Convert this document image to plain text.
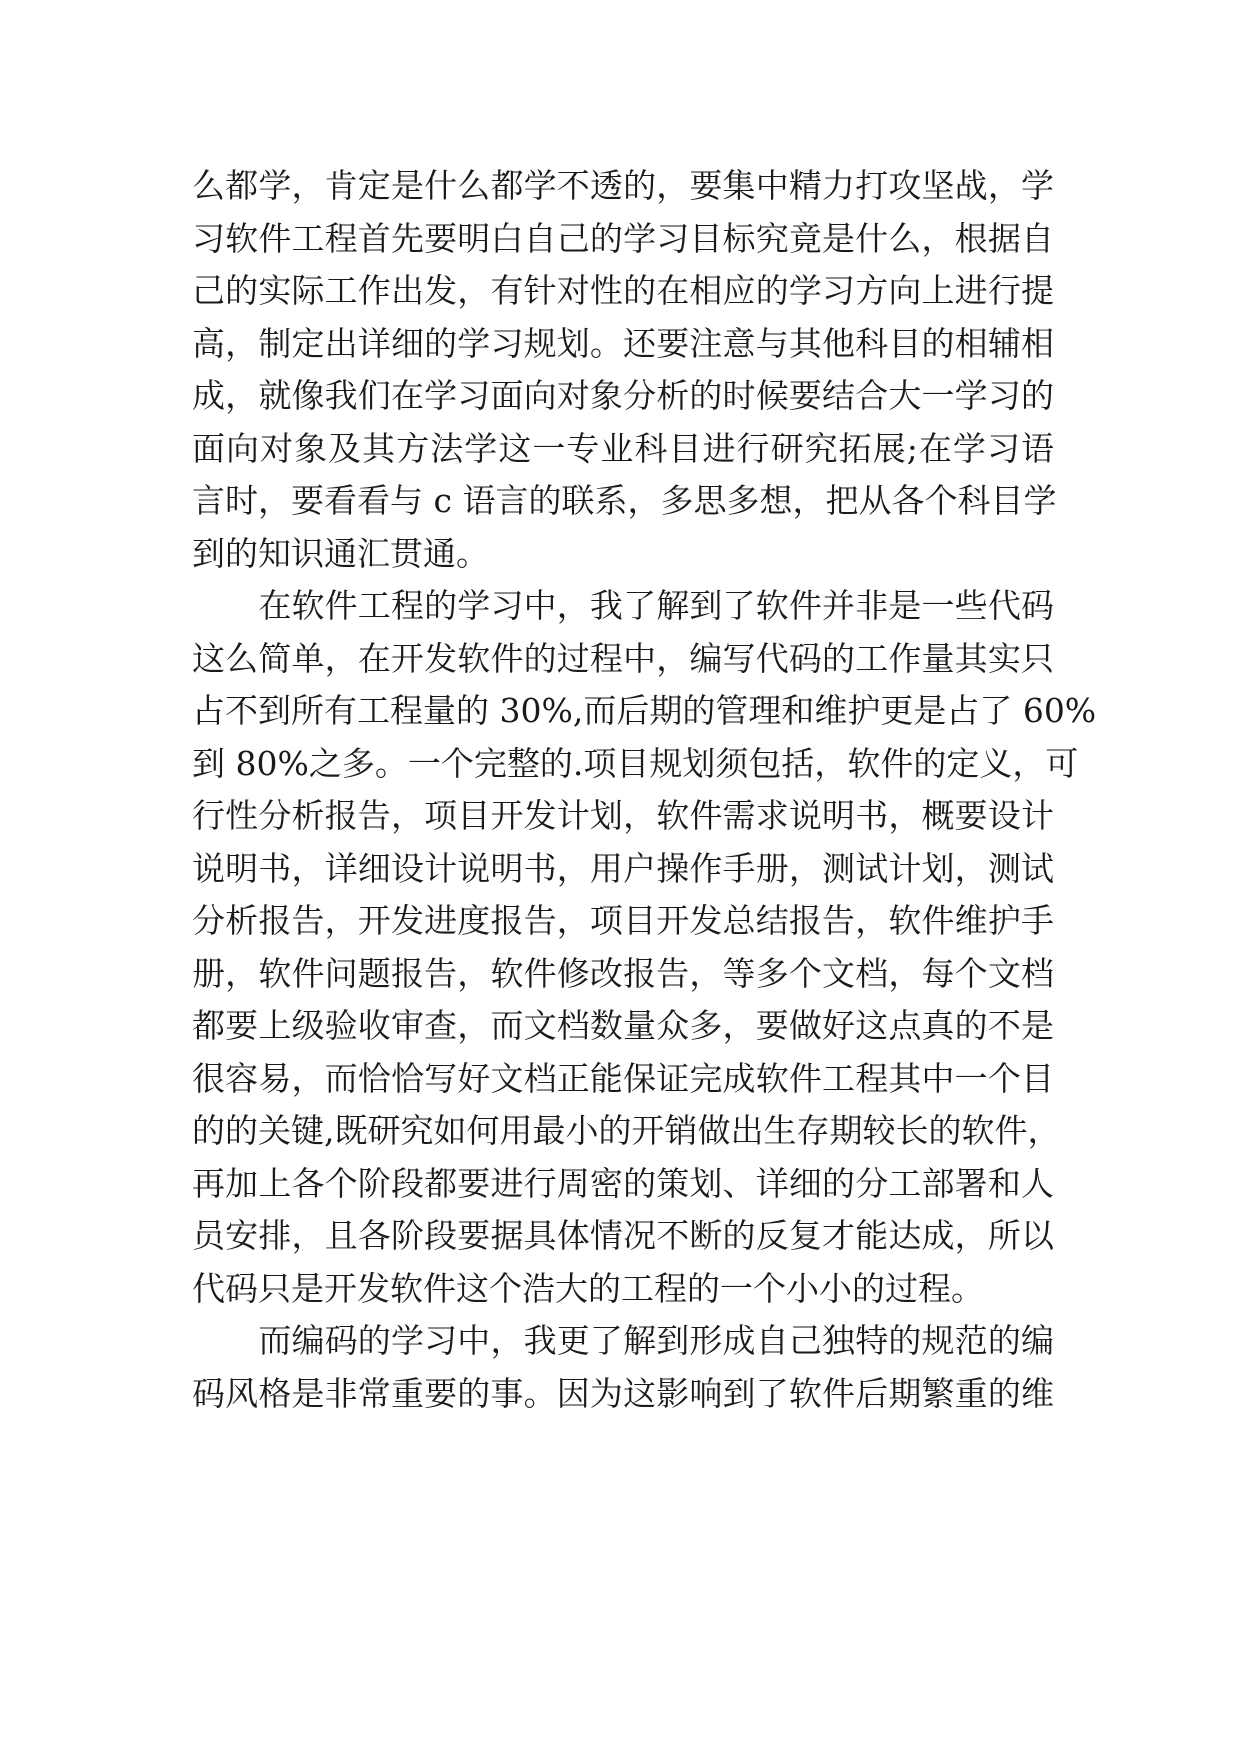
么都学，肯定是什么都学不透的，要集中精力打攻坚战，学
习软件工程首先要明白自己的学习目标究竟是什么，根据自
己的实际工作出发，有针对性的在相应的学习方向上进行提
高，制定出详细的学习规划。还要注意与其他科目的相辅相
成，就像我们在学习面向对象分析的时候要结合大一学习的
面向对象及其方法学这一专业科目进行研究拓展;在学习语
言时，要看看与 c 语言的联系，多思多想，把从各个科目学
到的知识通汇贯通。
　　在软件工程的学习中，我了解到了软件并非是一些代码
这么简单，在开发软件的过程中，编写代码的工作量其实只
占不到所有工程量的 30%,而后期的管理和维护更是占了 60%
到 80%之多。一个完整的.项目规划须包括，软件的定义，可
行性分析报告，项目开发计划，软件需求说明书，概要设计
说明书，详细设计说明书，用户操作手册，测试计划，测试
分析报告，开发进度报告，项目开发总结报告，软件维护手
册，软件问题报告，软件修改报告，等多个文档，每个文档
都要上级验收审查，而文档数量众多，要做好这点真的不是
很容易，而恰恰写好文档正能保证完成软件工程其中一个目
的的关键,既研究如何用最小的开销做出生存期较长的软件，
再加上各个阶段都要进行周密的策划、详细的分工部署和人
员安排，且各阶段要据具体情况不断的反复才能达成，所以
代码只是开发软件这个浩大的工程的一个小小的过程。
　　而编码的学习中，我更了解到形成自己独特的规范的编
码风格是非常重要的事。因为这影响到了软件后期繁重的维
